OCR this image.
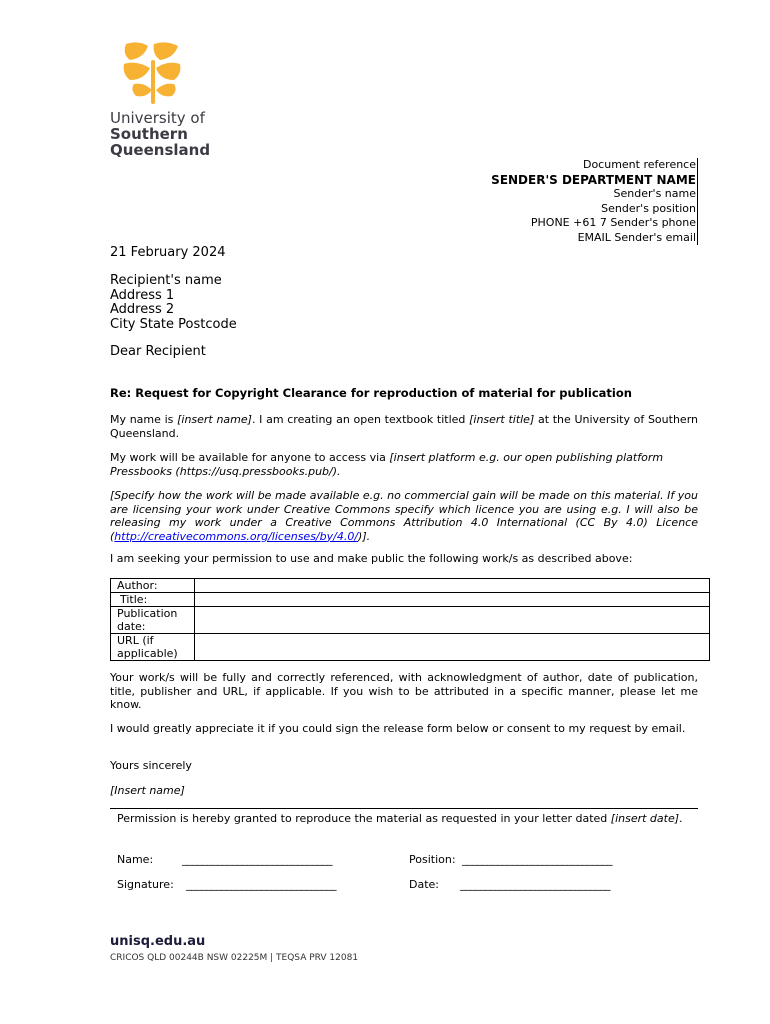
University of
Southern
Queensland
Document reference
SENDER'S DEPARTMENT NAME
Sender's name
Sender's position
PHONE +61 7 Sender's phone
EMAIL Sender's email
21 February 2024
Recipient's name
Address 1
Address 2
City State Postcode
Dear Recipient
Re: Request for Copyright Clearance for reproduction of material for publication
My name is [insert name]. I am creating an open textbook titled [insert title] at the University of Southern Queensland.
My work will be available for anyone to access via [insert platform e.g. our open publishing platform Pressbooks (https://usq.pressbooks.pub/).
[Specify how the work will be made available e.g. no commercial gain will be made on this material. If you are licensing your work under Creative Commons specify which licence you are using e.g. I will also be releasing my work under a Creative Commons Attribution 4.0 International (CC By 4.0) Licence (http://creativecommons.org/licenses/by/4.0/)].
I am seeking your permission to use and make public the following work/s as described above:
Author:	
Title:	
Publication date:	
URL (if applicable)	
Your work/s will be fully and correctly referenced, with acknowledgment of author, date of publication, title, publisher and URL, if applicable. If you wish to be attributed in a specific manner, please let me know.
I would greatly appreciate it if you could sign the release form below or consent to my request by email.
Yours sincerely
[Insert name]
Permission is hereby granted to reproduce the material as requested in your letter dated [insert date].
Name:	______________________________	Position: ______________________________
Signature: ______________________________	Date: ______________________________
unisq.edu.au
CRICOS QLD 00244B NSW 02225M | TEQSA PRV 12081
